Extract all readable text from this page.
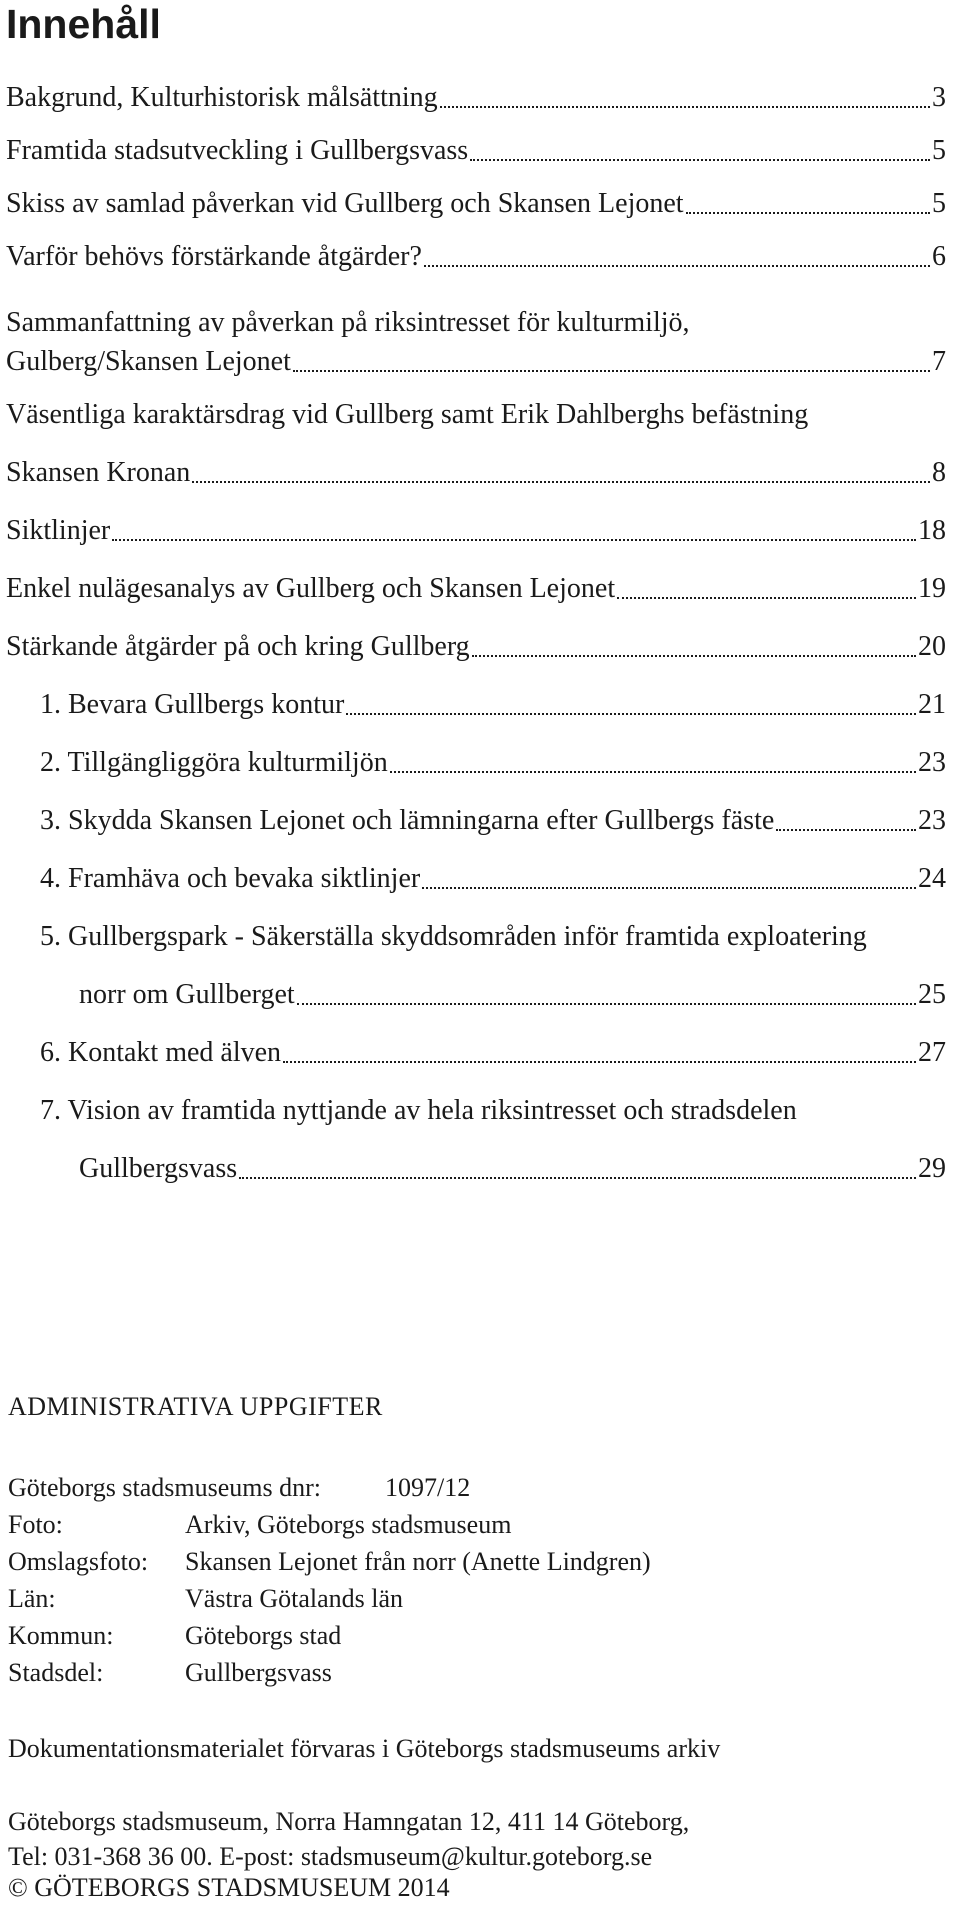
Innehåll
Bakgrund, Kulturhistorisk målsättning	3
Framtida stadsutveckling i Gullbergsvass	5
Skiss av samlad påverkan vid Gullberg och Skansen Lejonet	5
Varför behövs förstärkande åtgärder?	6
Sammanfattning av påverkan på riksintresset för kulturmiljö,
Gulberg/Skansen Lejonet	7
Väsentliga karaktärsdrag vid Gullberg samt Erik Dahlberghs befästning
Skansen Kronan	8
Siktlinjer	18
Enkel nulägesanalys av Gullberg och Skansen Lejonet	19
Stärkande åtgärder på och kring Gullberg	20
1. Bevara Gullbergs kontur	21
2. Tillgängliggöra kulturmiljön	23
3. Skydda Skansen Lejonet och lämningarna efter Gullbergs fäste	23
4. Framhäva och bevaka siktlinjer	24
5. Gullbergspark - Säkerställa skyddsområden inför framtida exploatering
norr om Gullberget	25
6. Kontakt med älven	27
7. Vision av framtida nyttjande av hela riksintresset och stradsdelen
Gullbergsvass	29
ADMINISTRATIVA UPPGIFTER
Göteborgs stadsmuseums dnr: 1097/12
Foto:	Arkiv, Göteborgs stadsmuseum
Omslagsfoto: Skansen Lejonet från norr (Anette Lindgren)
Län:	Västra Götalands län
Kommun:	Göteborgs stad
Stadsdel:	Gullbergsvass
Dokumentationsmaterialet förvaras i Göteborgs stadsmuseums arkiv
Göteborgs stadsmuseum, Norra Hamngatan 12, 411 14 Göteborg,
Tel: 031-368 36 00. E-post: stadsmuseum@kultur.goteborg.se
© GÖTEBORGS STADSMUSEUM 2014
